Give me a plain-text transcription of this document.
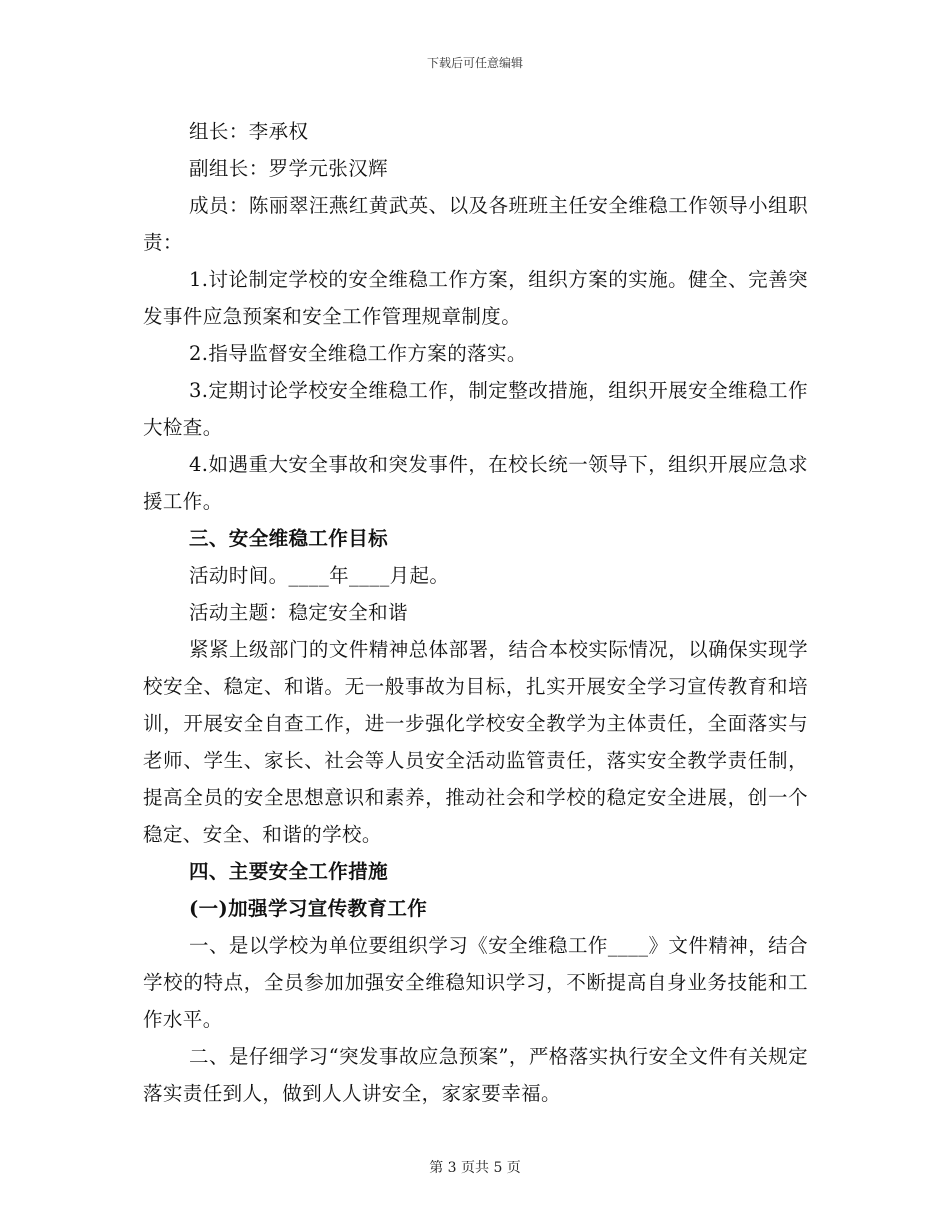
下载后可任意编辑

组长：李承权

副组长：罗学元张汉辉

成员：陈丽翠汪燕红黄武英、以及各班班主任安全维稳工作领导小组职责：

1.讨论制定学校的安全维稳工作方案，组织方案的实施。健全、完善突发事件应急预案和安全工作管理规章制度。

2.指导监督安全维稳工作方案的落实。

3.定期讨论学校安全维稳工作，制定整改措施，组织开展安全维稳工作大检查。

4.如遇重大安全事故和突发事件，在校长统一领导下，组织开展应急求援工作。

三、安全维稳工作目标

活动时间。____年____月起。

活动主题：稳定安全和谐

紧紧上级部门的文件精神总体部署，结合本校实际情况，以确保实现学校安全、稳定、和谐。无一般事故为目标，扎实开展安全学习宣传教育和培训，开展安全自查工作，进一步强化学校安全教学为主体责任，全面落实与老师、学生、家长、社会等人员安全活动监管责任，落实安全教学责任制，提高全员的安全思想意识和素养，推动社会和学校的稳定安全进展，创一个稳定、安全、和谐的学校。

四、主要安全工作措施

(一)加强学习宣传教育工作

一、是以学校为单位要组织学习《安全维稳工作____》文件精神，结合学校的特点，全员参加加强安全维稳知识学习，不断提高自身业务技能和工作水平。

二、是仔细学习“突发事故应急预案”，严格落实执行安全文件有关规定落实责任到人，做到人人讲安全，家家要幸福。

第 3 页共 5 页
